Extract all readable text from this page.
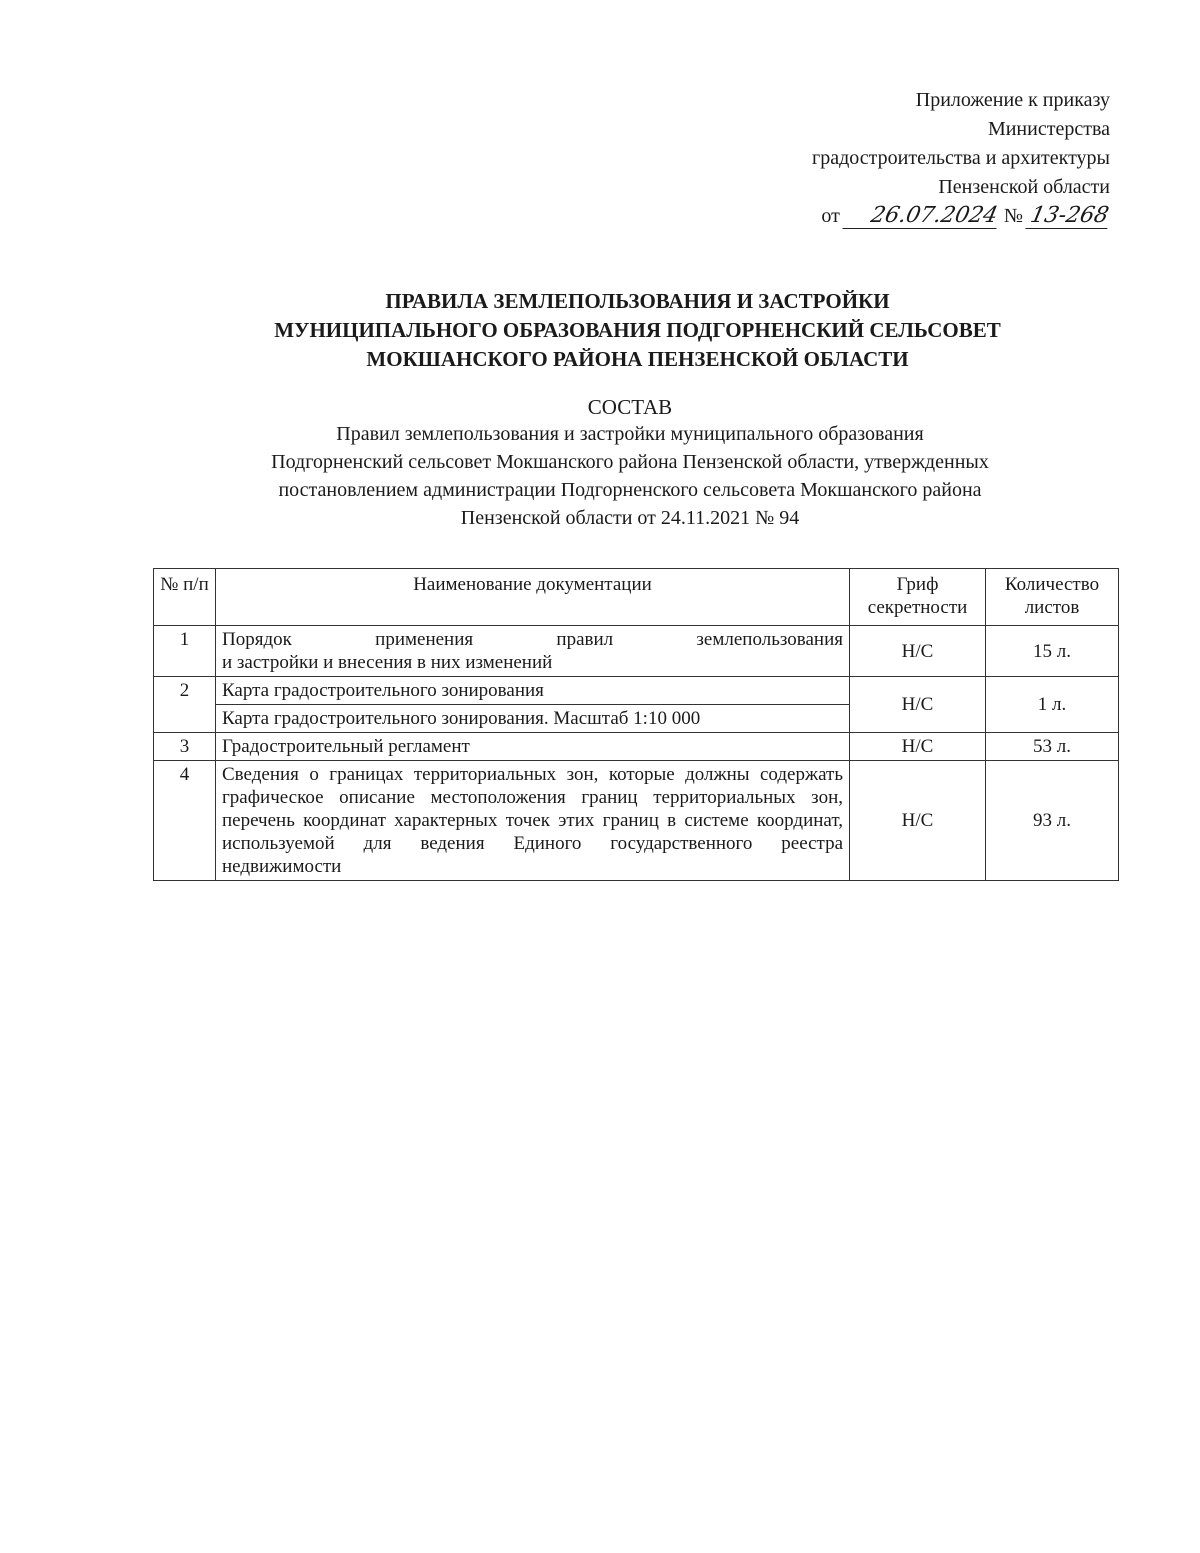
Приложение к приказу
Министерства
градостроительства и архитектуры
Пензенской области
от 26.07.2024 № 13-268
ПРАВИЛА ЗЕМЛЕПОЛЬЗОВАНИЯ И ЗАСТРОЙКИ
МУНИЦИПАЛЬНОГО ОБРАЗОВАНИЯ ПОДГОРНЕНСКИЙ СЕЛЬСОВЕТ
МОКШАНСКОГО РАЙОНА ПЕНЗЕНСКОЙ ОБЛАСТИ
СОСТАВ
Правил землепользования и застройки муниципального образования
Подгорненский сельсовет Мокшанского района Пензенской области, утвержденных
постановлением администрации Подгорненского сельсовета Мокшанского района
Пензенской области от 24.11.2021 № 94
№ п/п	Наименование документации	Гриф секретности	Количество листов
1	Порядок применения правил землепользования
и застройки и внесения в них изменений	Н/С	15 л.
2	Карта градостроительного зонирования	Н/С	1 л.
	Карта градостроительного зонирования. Масштаб 1:10 000		
3	Градостроительный регламент	Н/С	53 л.
4	Сведения о границах территориальных зон, которые должны содержать графическое описание местоположения границ территориальных зон, перечень координат характерных точек этих границ в системе координат, используемой для ведения Единого государственного реестра недвижимости	Н/С	93 л.
